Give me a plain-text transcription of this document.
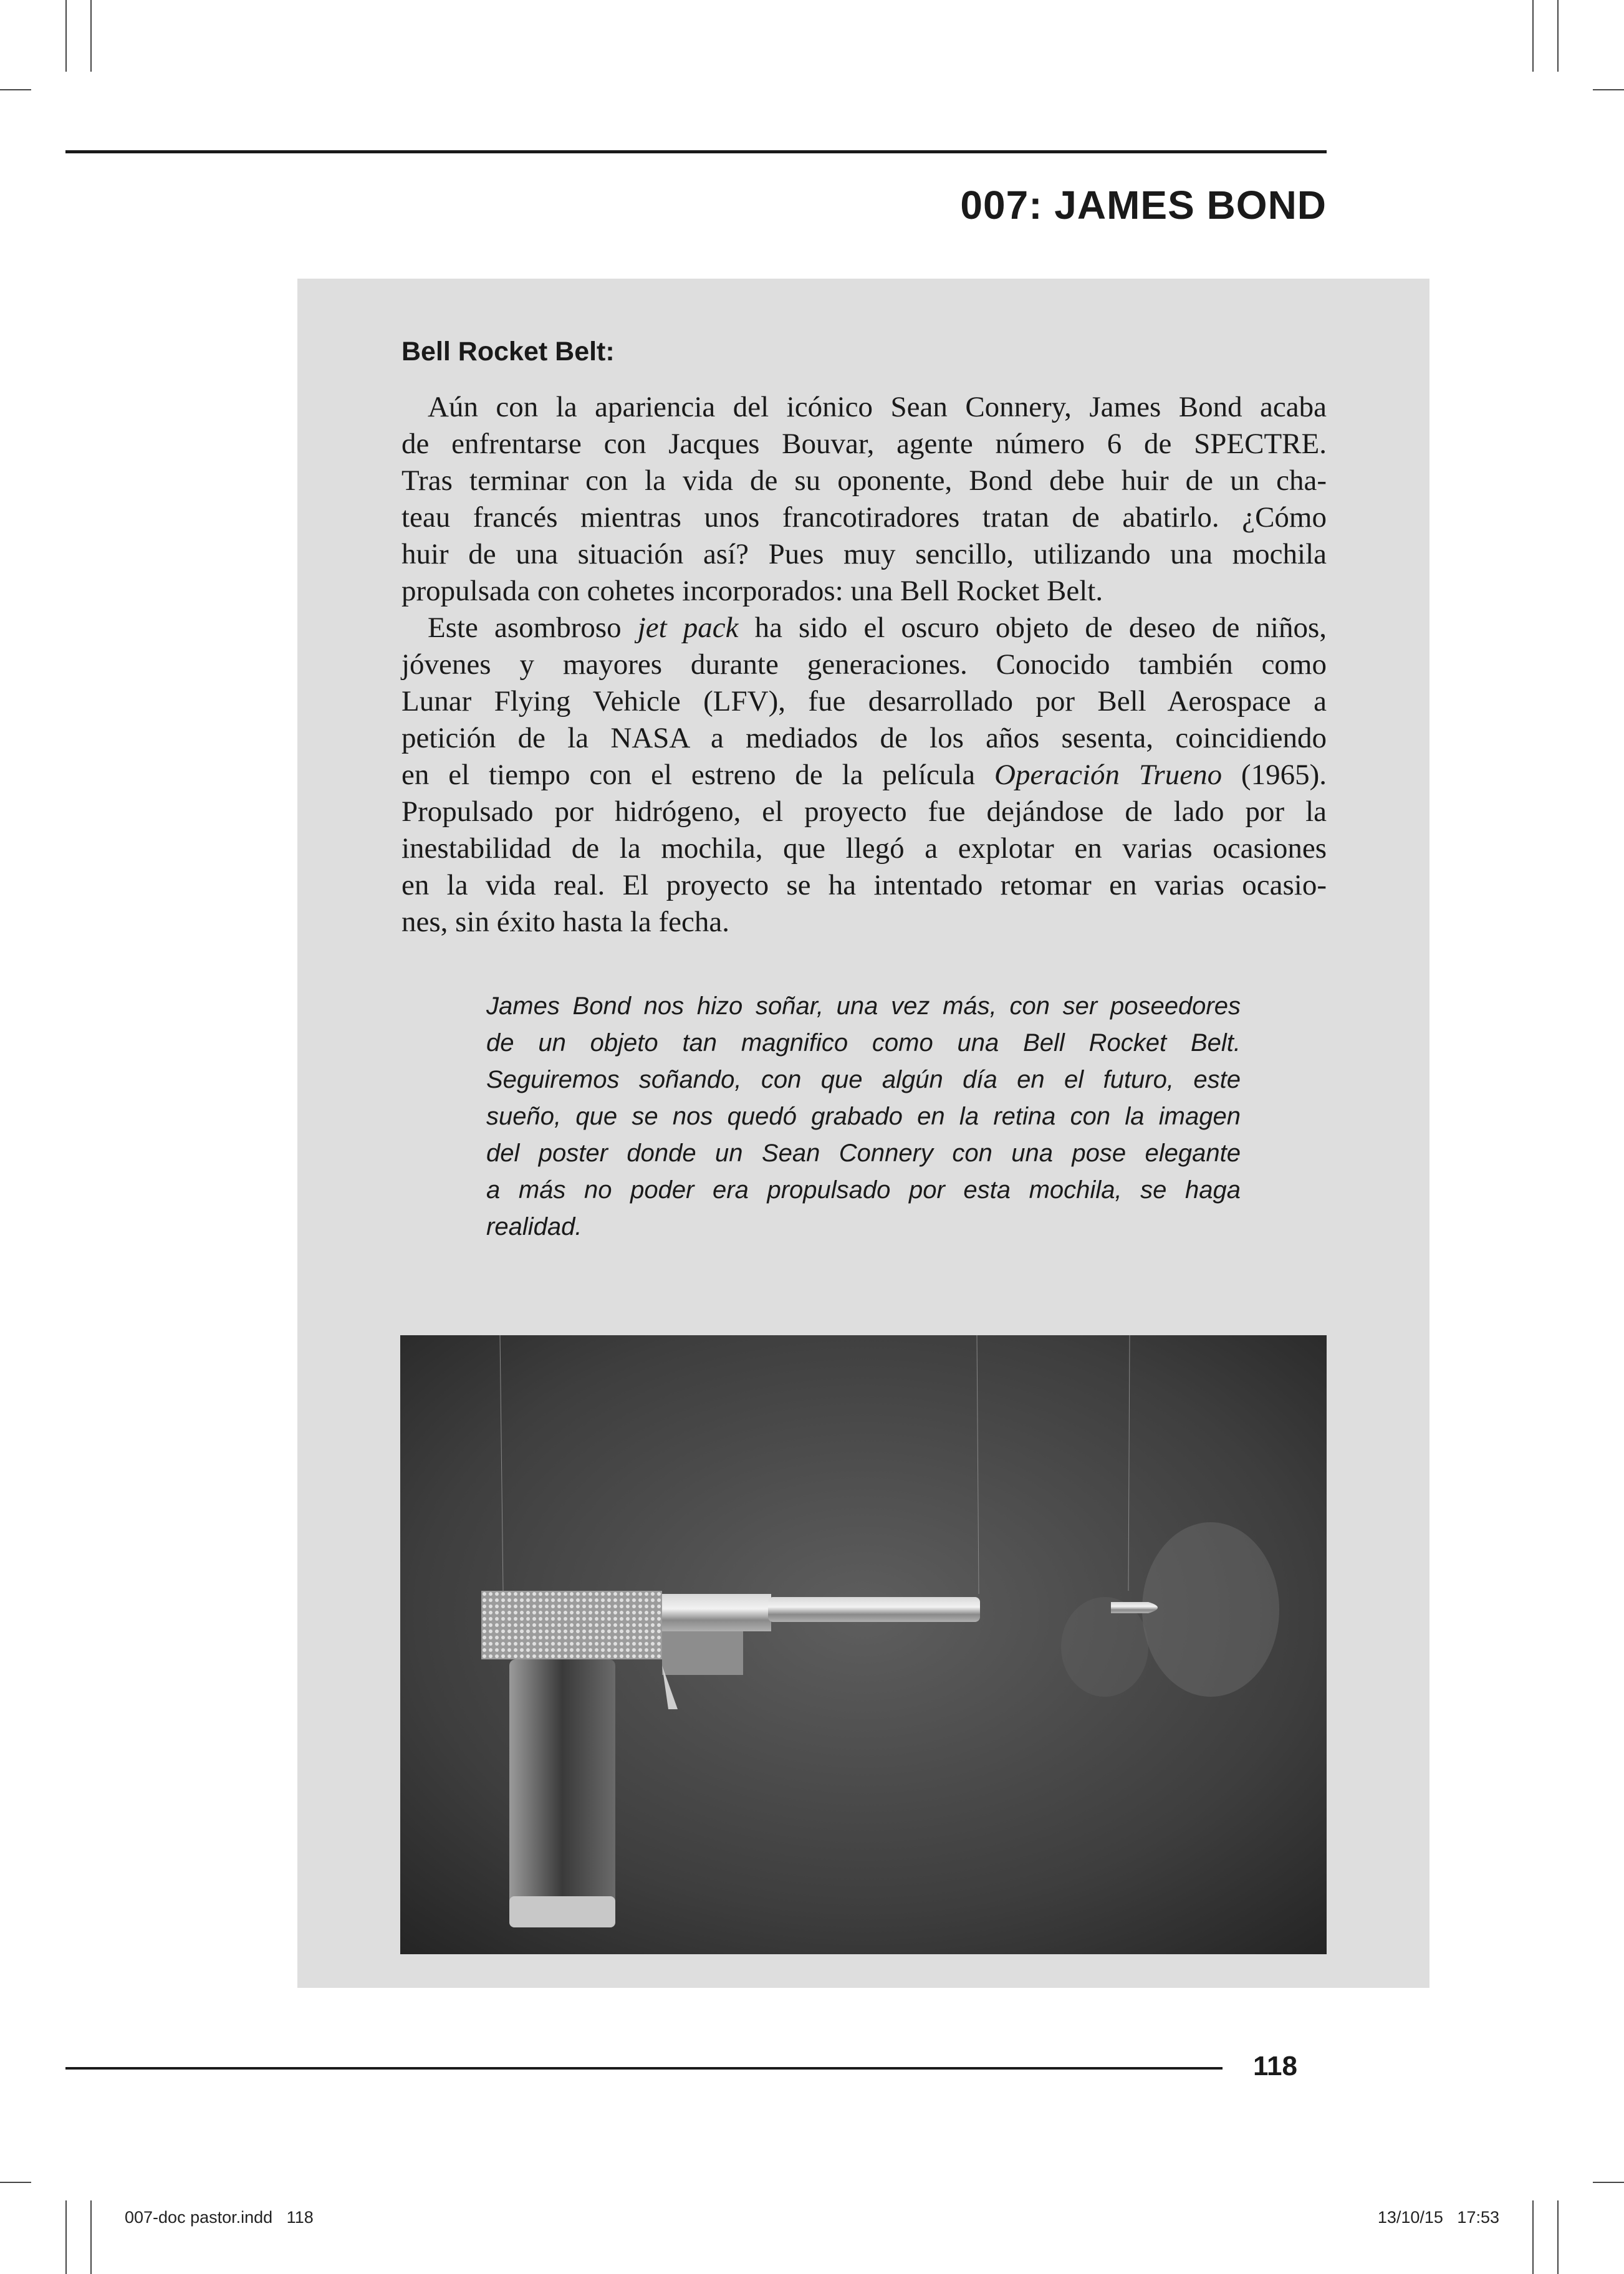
007: JAMES BOND
Bell Rocket Belt:
Aún con la apariencia del icónico Sean Connery, James Bond acaba
de enfrentarse con Jacques Bouvar, agente número 6 de SPECTRE.
Tras terminar con la vida de su oponente, Bond debe huir de un cha-
teau francés mientras unos francotiradores tratan de abatirlo. ¿Cómo
huir de una situación así? Pues muy sencillo, utilizando una mochila
propulsada con cohetes incorporados: una Bell Rocket Belt.
Este asombroso jet pack ha sido el oscuro objeto de deseo de niños,
jóvenes y mayores durante generaciones. Conocido también como
Lunar Flying Vehicle (LFV), fue desarrollado por Bell Aerospace a
petición de la NASA a mediados de los años sesenta, coincidiendo
en el tiempo con el estreno de la película Operación Trueno (1965).
Propulsado por hidrógeno, el proyecto fue dejándose de lado por la
inestabilidad de la mochila, que llegó a explotar en varias ocasiones
en la vida real. El proyecto se ha intentado retomar en varias ocasio-
nes, sin éxito hasta la fecha.
James Bond nos hizo soñar, una vez más, con ser poseedores
de un objeto tan magnifico como una Bell Rocket Belt.
Seguiremos soñando, con que algún día en el futuro, este
sueño, que se nos quedó grabado en la retina con la imagen
del poster donde un Sean Connery con una pose elegante
a más no poder era propulsado por esta mochila, se haga
realidad.
118
007-doc pastor.indd   118	13/10/15   17:53
